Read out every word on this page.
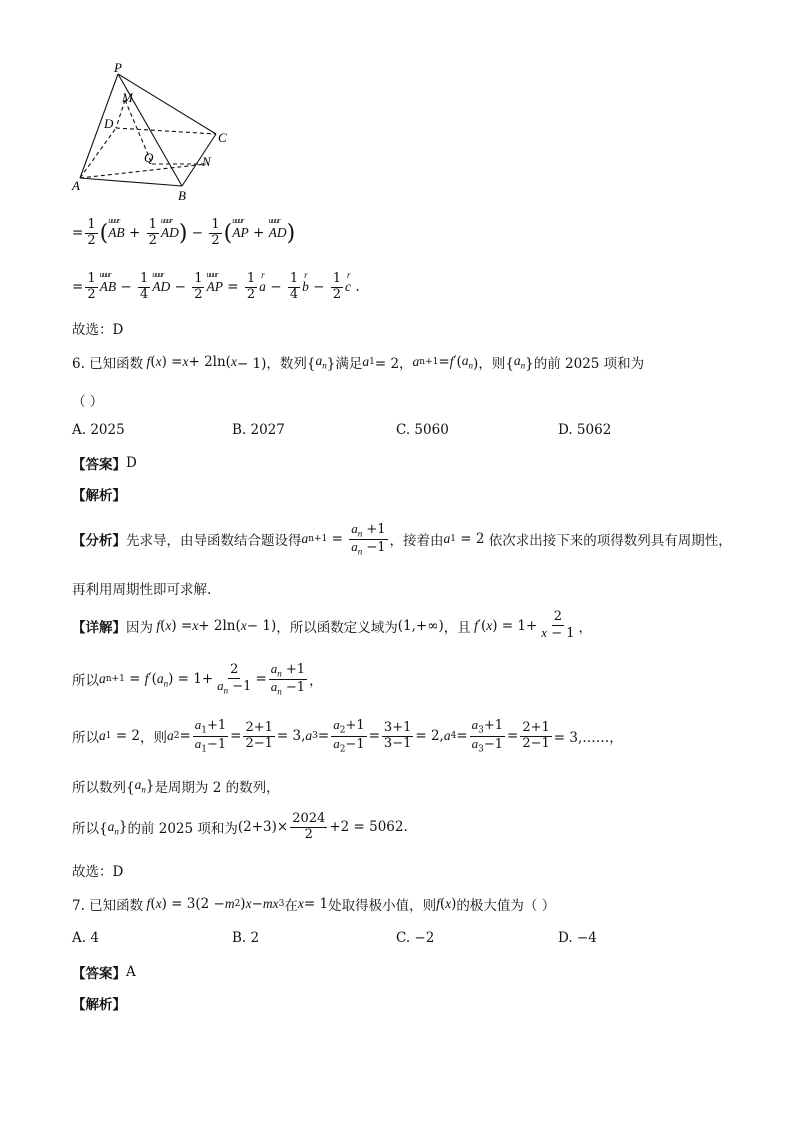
P
M
D
C
Q	N
A
B
= $\frac{1}{2}$ ( uuur AB + $\frac{1}{2}$ uuur AD ) − $\frac{1}{2}$ ( uuur AP + uuur AD )
= $\frac{1}{2}$ uuur AB − $\frac{1}{4}$ uuur AD − $\frac{1}{2}$ uuur AP = $\frac{1}{2}$ r $a - \frac{1}{4}$ r $b - \frac{1}{2}$ r c .
故选：D
6. 已知函数 f ( x ) = x + 2ln( x − 1)，数列{ $a_n$ }满足 a 1 = 2， a n+1 = f ′( $a_n$ )，则{ $a_n$ }的前 2025 项和为
（ ）
A. 2025	B. 2027	C. 5060	D. 5062
【答案】 D
【解析】
【分析】 先求导，由导函数结合题设得 a $n+1 = \frac{a_n +1}{a_n -1}$ ，接着由 a 1 = 2 依次求出接下来的项得数列具有周期性，
再利用周期性即可求解.
【详解】 因为 f ( x ) = x + 2ln( x − 1) ，所以函数定义域为 (1,+∞) ，且 f ′( x ) = $1+ \frac{2}{x - 1}$ ，
所以 a n+1 = f ′( $a_n$ ) = $1+ \frac{2}{a_n -1} = \frac{a_n +1}{a_n -1}$ ，
所以 a 1 = 2 ，则 a $2 = \frac{a_1+1}{a_1-1} = \frac{2+1}{2-1} = 3$, a $3 = \frac{a_2+1}{a_2-1} = \frac{3+1}{3-1} = 2$, a $4 = \frac{a_3+1}{a_3-1} = \frac{2+1}{2-1}$ = 3,……，
所以数列{ $a_n$ } 是周期为 2 的数列，
所以{ $a_n$ } 的前 2025 项和为 $(2+3)\times \frac{2024}{2} +2 = 5062$.
故选：D
7. 已知函数 f ( x ) = 3(2 − m 2 ) x − mx 3 在 x = 1 处取得极小值，则 f ( x ) 的极大值为（ ）
A. 4	B. 2	C. −2	D. −4
【答案】 A
【解析】
